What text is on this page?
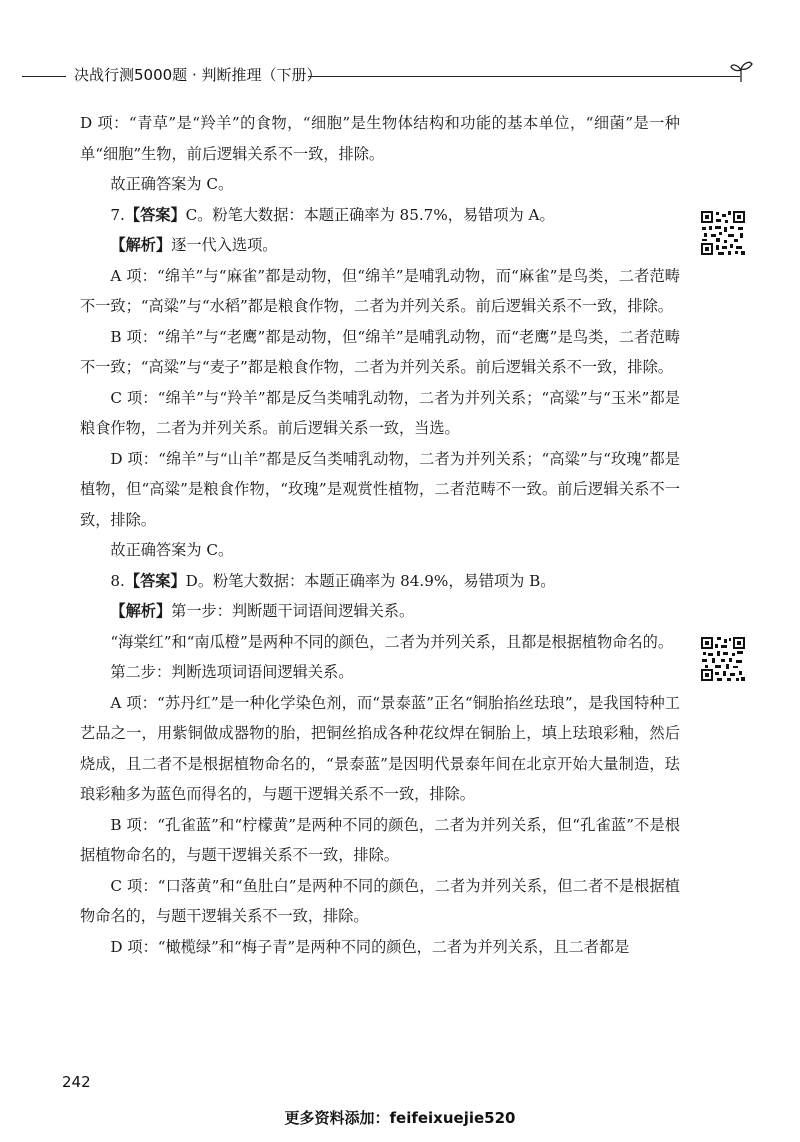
决战行测5000题 · 判断推理（下册）

D 项：“青草”是“羚羊”的食物，“细胞”是生物体结构和功能的基本单位，“细菌”是一种单“细胞”生物，前后逻辑关系不一致，排除。

故正确答案为 C。

7.【答案】C。粉笔大数据：本题正确率为 85.7%，易错项为 A。

【解析】逐一代入选项。

A 项：“绵羊”与“麻雀”都是动物，但“绵羊”是哺乳动物，而“麻雀”是鸟类，二者范畴不一致；“高粱”与“水稻”都是粮食作物，二者为并列关系。前后逻辑关系不一致，排除。

B 项：“绵羊”与“老鹰”都是动物，但“绵羊”是哺乳动物，而“老鹰”是鸟类，二者范畴不一致；“高粱”与“麦子”都是粮食作物，二者为并列关系。前后逻辑关系不一致，排除。

C 项：“绵羊”与“羚羊”都是反刍类哺乳动物，二者为并列关系；“高粱”与“玉米”都是粮食作物，二者为并列关系。前后逻辑关系一致，当选。

D 项：“绵羊”与“山羊”都是反刍类哺乳动物，二者为并列关系；“高粱”与“玫瑰”都是植物，但“高粱”是粮食作物，“玫瑰”是观赏性植物，二者范畴不一致。前后逻辑关系不一致，排除。

故正确答案为 C。

8.【答案】D。粉笔大数据：本题正确率为 84.9%，易错项为 B。

【解析】第一步：判断题干词语间逻辑关系。

“海棠红”和“南瓜橙”是两种不同的颜色，二者为并列关系，且都是根据植物命名的。

第二步：判断选项词语间逻辑关系。

A 项：“苏丹红”是一种化学染色剂，而“景泰蓝”正名“铜胎掐丝珐琅”，是我国特种工艺品之一，用紫铜做成器物的胎，把铜丝掐成各种花纹焊在铜胎上，填上珐琅彩釉，然后烧成，且二者不是根据植物命名的，“景泰蓝”是因明代景泰年间在北京开始大量制造，珐琅彩釉多为蓝色而得名的，与题干逻辑关系不一致，排除。

B 项：“孔雀蓝”和“柠檬黄”是两种不同的颜色，二者为并列关系，但“孔雀蓝”不是根据植物命名的，与题干逻辑关系不一致，排除。

C 项：“口落黄”和“鱼肚白”是两种不同的颜色，二者为并列关系，但二者不是根据植物命名的，与题干逻辑关系不一致，排除。

D 项：“橄榄绿”和“梅子青”是两种不同的颜色，二者为并列关系，且二者都是

242
更多资料添加：feifeixuejie520
